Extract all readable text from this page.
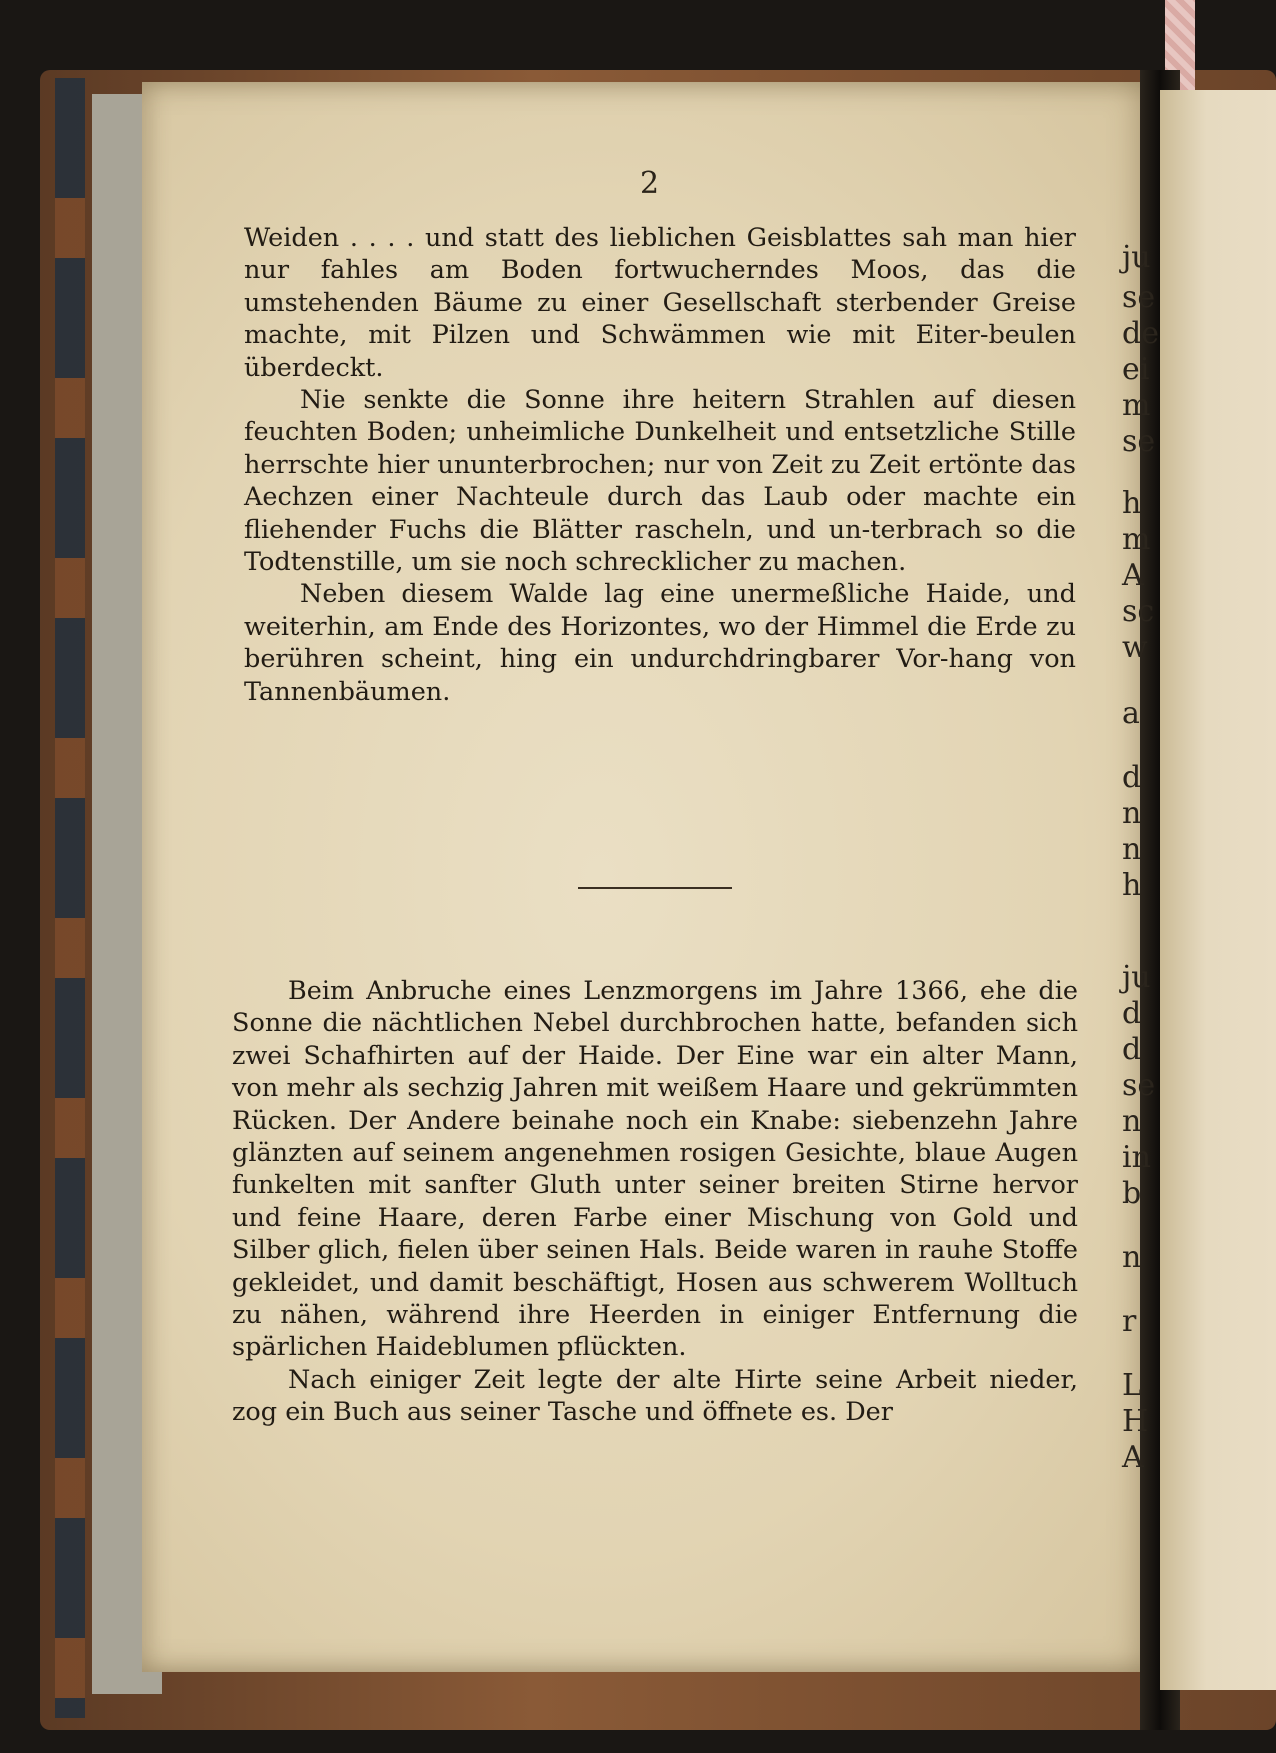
2

Weiden . . . . und statt des lieblichen Geisblattes sah man hier nur fahles am Boden fortwucherndes Moos, das die umstehenden Bäume zu einer Gesellschaft sterbender Greise machte, mit Pilzen und Schwämmen wie mit Eiter-beulen überdeckt.

Nie senkte die Sonne ihre heitern Strahlen auf diesen feuchten Boden; unheimliche Dunkelheit und entsetzliche Stille herrschte hier ununterbrochen; nur von Zeit zu Zeit ertönte das Aechzen einer Nachteule durch das Laub oder machte ein fliehender Fuchs die Blätter rascheln, und un-terbrach so die Todtenstille, um sie noch schrecklicher zu machen.

Neben diesem Walde lag eine unermeßliche Haide, und weiterhin, am Ende des Horizontes, wo der Himmel die Erde zu berühren scheint, hing ein undurchdringbarer Vor-hang von Tannenbäumen.

Beim Anbruche eines Lenzmorgens im Jahre 1366, ehe die Sonne die nächtlichen Nebel durchbrochen hatte, befanden sich zwei Schafhirten auf der Haide. Der Eine war ein alter Mann, von mehr als sechzig Jahren mit weißem Haare und gekrümmten Rücken. Der Andere beinahe noch ein Knabe: siebenzehn Jahre glänzten auf seinem angenehmen rosigen Gesichte, blaue Augen funkelten mit sanfter Gluth unter seiner breiten Stirne hervor und feine Haare, deren Farbe einer Mischung von Gold und Silber glich, fielen über seinen Hals. Beide waren in rauhe Stoffe gekleidet, und damit beschäftigt, Hosen aus schwerem Wolltuch zu nähen, während ihre Heerden in einiger Entfernung die spärlichen Haideblumen pflückten.

Nach einiger Zeit legte der alte Hirte seine Arbeit nieder, zog ein Buch aus seiner Tasche und öffnete es. Der

ju
se
de
ei
m
se
h
m
A
sc
w
a
d
n
n
h
ju
d
d
se
n
in
b
n
r
L
H
A
